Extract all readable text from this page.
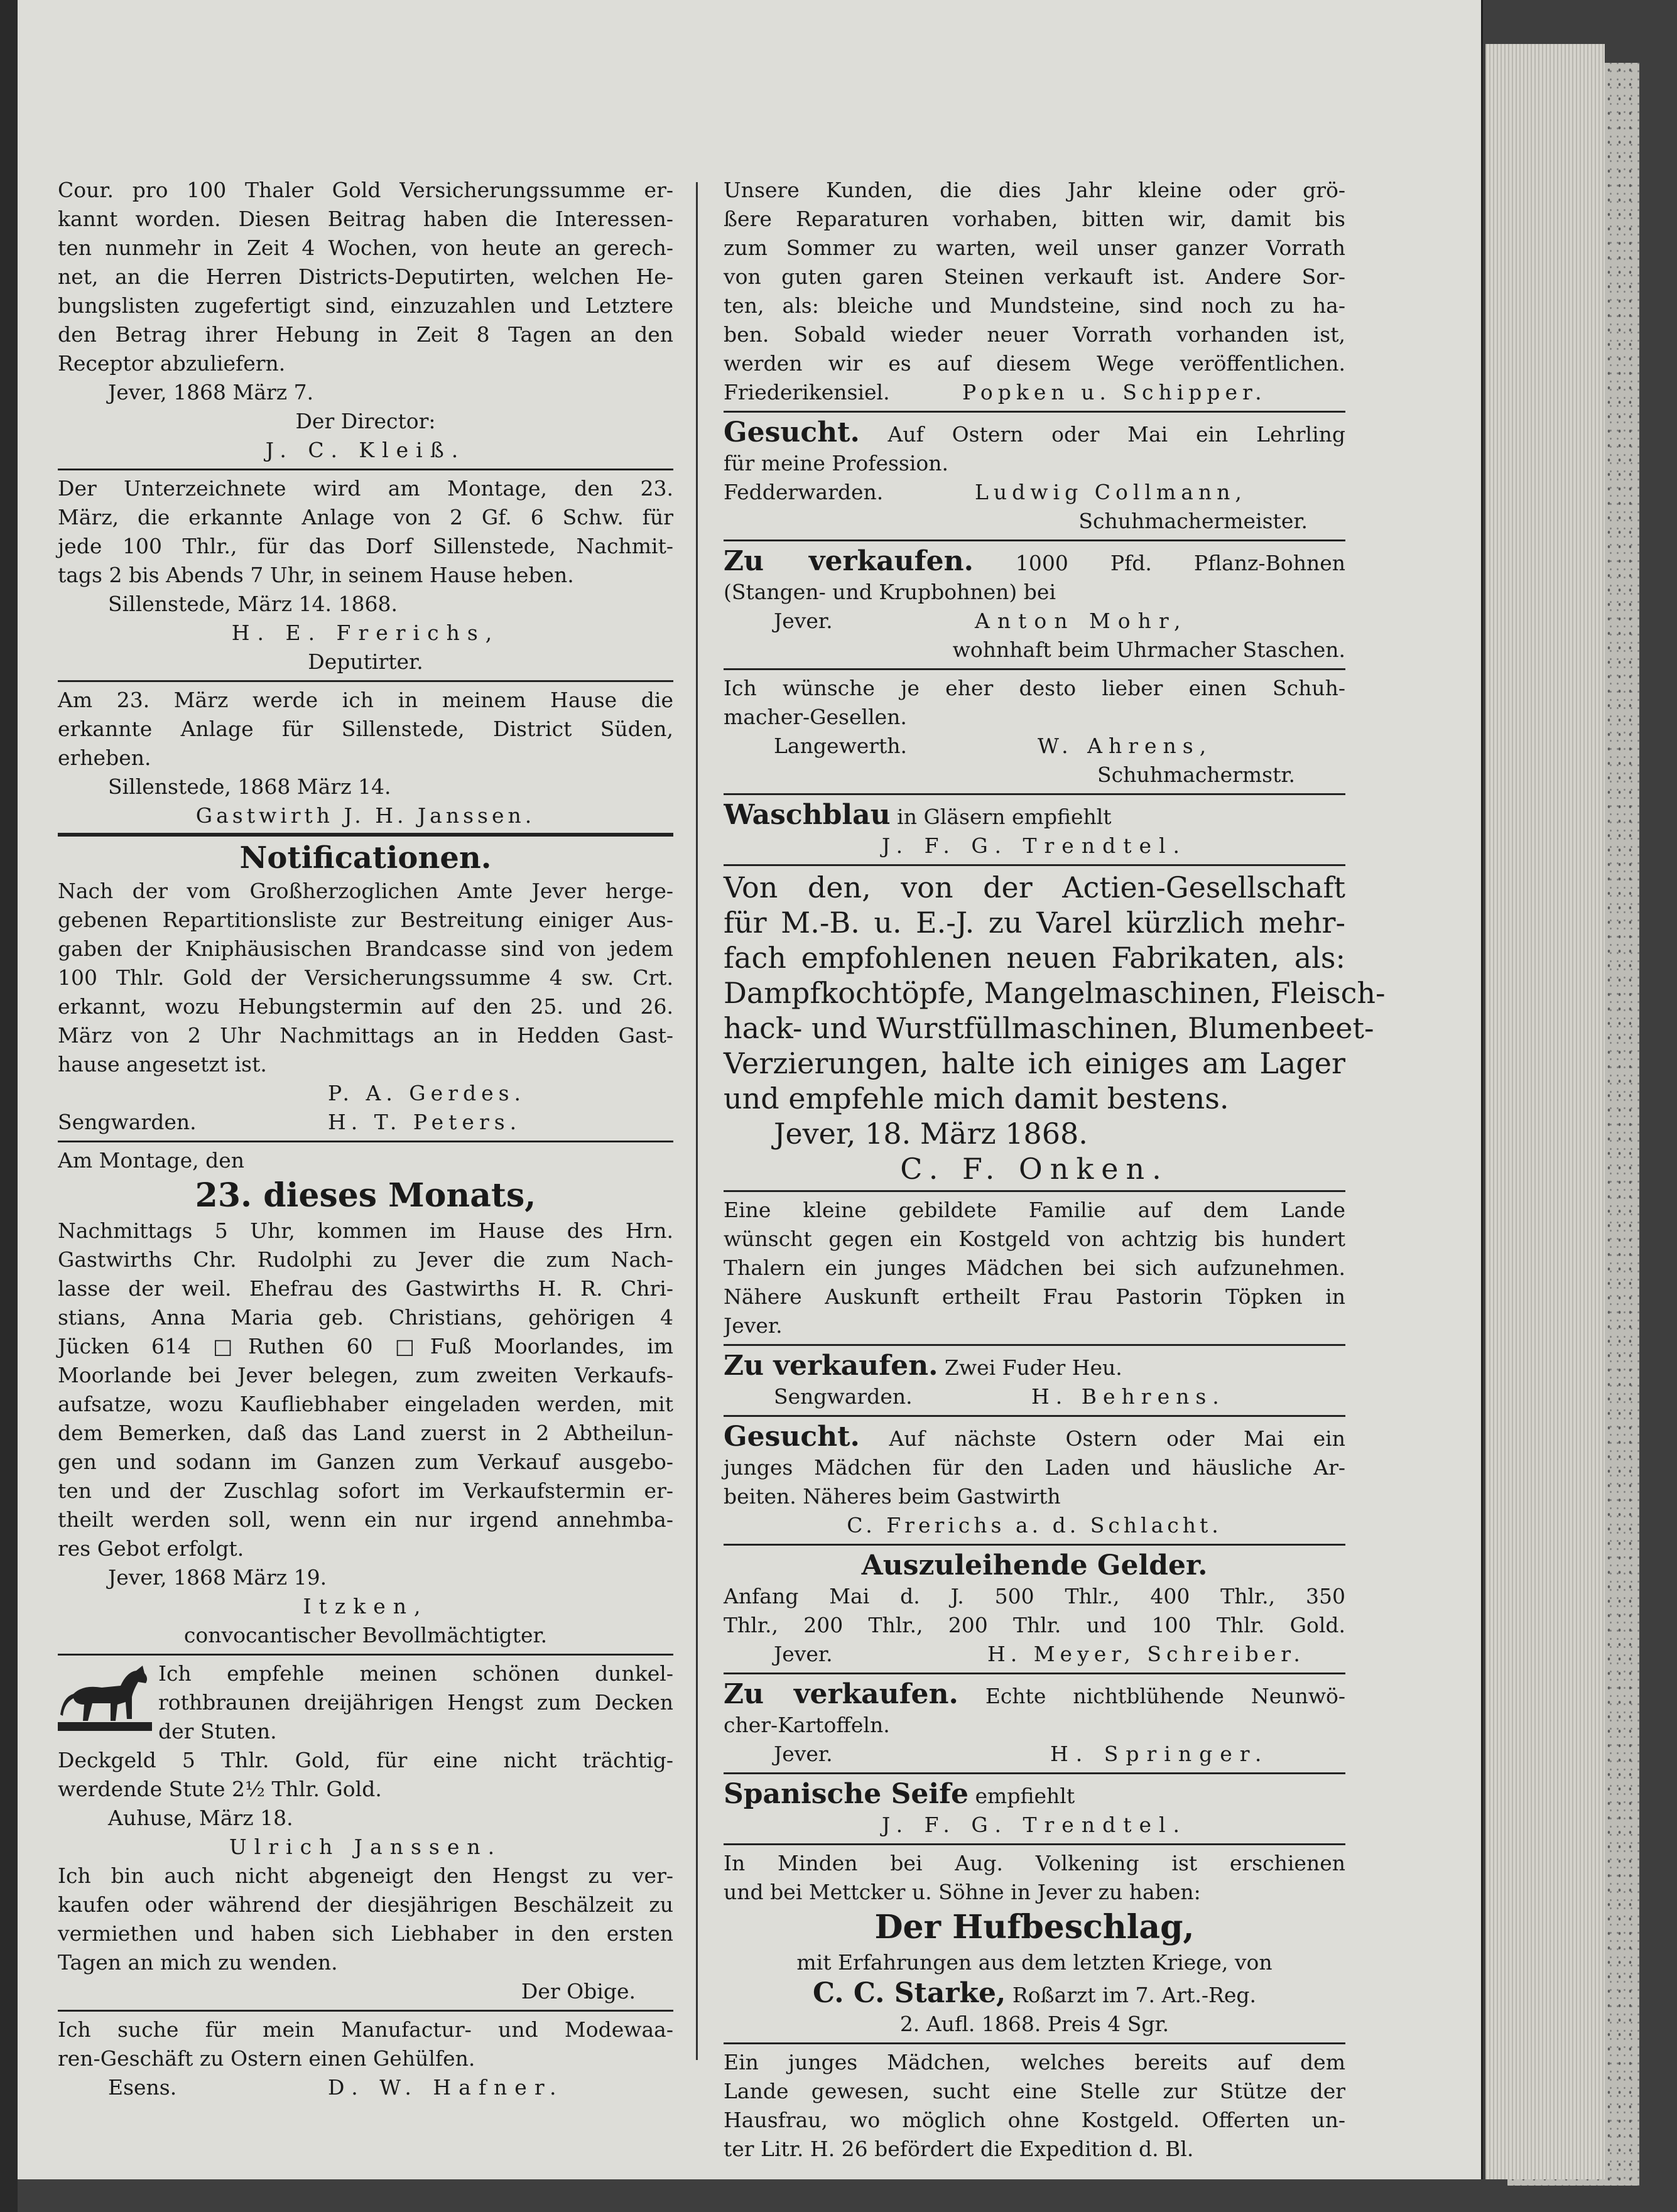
Cour. pro 100 Thaler Gold Versicherungssumme er-
kannt worden. Diesen Beitrag haben die Interessen-
ten nunmehr in Zeit 4 Wochen, von heute an gerech-
net, an die Herren Districts-Deputirten, welchen He-
bungslisten zugefertigt sind, einzuzahlen und Letztere
den Betrag ihrer Hebung in Zeit 8 Tagen an den
Receptor abzuliefern.
Jever, 1868 März 7.
Der Director:
J. C. Kleiß.
Der Unterzeichnete wird am Montage, den 23.
März, die erkannte Anlage von 2 Gf. 6 Schw. für
jede 100 Thlr., für das Dorf Sillenstede, Nachmit-
tags 2 bis Abends 7 Uhr, in seinem Hause heben.
Sillenstede, März 14. 1868.
H. E. Frerichs,
Deputirter.
Am 23. März werde ich in meinem Hause die
erkannte Anlage für Sillenstede, District Süden,
erheben.
Sillenstede, 1868 März 14.
Gastwirth J. H. Janssen.
Notificationen.
Nach der vom Großherzoglichen Amte Jever herge-
gebenen Repartitionsliste zur Bestreitung einiger Aus-
gaben der Kniphäusischen Brandcasse sind von jedem
100 Thlr. Gold der Versicherungssumme 4 sw. Crt.
erkannt, wozu Hebungstermin auf den 25. und 26.
März von 2 Uhr Nachmittags an in Hedden Gast-
hause angesetzt ist.
P. A. Gerdes.
Sengwarden.	H. T. Peters.
Am Montage, den
23. dieses Monats,
Nachmittags 5 Uhr, kommen im Hause des Hrn.
Gastwirths Chr. Rudolphi zu Jever die zum Nach-
lasse der weil. Ehefrau des Gastwirths H. R. Chri-
stians, Anna Maria geb. Christians, gehörigen 4
Jücken 614 □Ruthen 60 □Fuß Moorlandes, im
Moorlande bei Jever belegen, zum zweiten Verkaufs-
aufsatze, wozu Kaufliebhaber eingeladen werden, mit
dem Bemerken, daß das Land zuerst in 2 Abtheilun-
gen und sodann im Ganzen zum Verkauf ausgebo-
ten und der Zuschlag sofort im Verkaufstermin er-
theilt werden soll, wenn ein nur irgend annehmba-
res Gebot erfolgt.
Jever, 1868 März 19.
Itzken,
convocantischer Bevollmächtigter.
Ich empfehle meinen schönen dunkel-
rothbraunen dreijährigen Hengst zum Decken
der Stuten.
Deckgeld 5 Thlr. Gold, für eine nicht trächtig-
werdende Stute 2½ Thlr. Gold.
Auhuse, März 18.
Ulrich Janssen.
Ich bin auch nicht abgeneigt den Hengst zu ver-
kaufen oder während der diesjährigen Beschälzeit zu
vermiethen und haben sich Liebhaber in den ersten
Tagen an mich zu wenden.
Der Obige.
Ich suche für mein Manufactur- und Modewaa-
ren-Geschäft zu Ostern einen Gehülfen.
Esens.	D. W. Hafner.
Unsere Kunden, die dies Jahr kleine oder grö-
ßere Reparaturen vorhaben, bitten wir, damit bis
zum Sommer zu warten, weil unser ganzer Vorrath
von guten garen Steinen verkauft ist. Andere Sor-
ten, als: bleiche und Mundsteine, sind noch zu ha-
ben. Sobald wieder neuer Vorrath vorhanden ist,
werden wir es auf diesem Wege veröffentlichen.
Friederikensiel.	Popken u. Schipper.
Gesucht. Auf Ostern oder Mai ein Lehrling
für meine Profession.
Fedderwarden.	Ludwig Collmann,
Schuhmachermeister.
Zu verkaufen. 1000 Pfd. Pflanz-Bohnen
(Stangen- und Krupbohnen) bei
Jever.	Anton Mohr,
wohnhaft beim Uhrmacher Staschen.
Ich wünsche je eher desto lieber einen Schuh-
macher-Gesellen.
Langewerth.	W. Ahrens,
Schuhmachermstr.
Waschblau in Gläsern empfiehlt
J. F. G. Trendtel.
Von den, von der Actien-Gesellschaft
für M.-B. u. E.-J. zu Varel kürzlich mehr-
fach empfohlenen neuen Fabrikaten, als:
Dampfkochtöpfe, Mangelmaschinen, Fleisch-
hack- und Wurstfüllmaschinen, Blumenbeet-
Verzierungen, halte ich einiges am Lager
und empfehle mich damit bestens.
Jever, 18. März 1868.
C. F. Onken.
Eine kleine gebildete Familie auf dem Lande
wünscht gegen ein Kostgeld von achtzig bis hundert
Thalern ein junges Mädchen bei sich aufzunehmen.
Nähere Auskunft ertheilt Frau Pastorin Töpken in
Jever.
Zu verkaufen. Zwei Fuder Heu.
Sengwarden.	H. Behrens.
Gesucht. Auf nächste Ostern oder Mai ein
junges Mädchen für den Laden und häusliche Ar-
beiten. Näheres beim Gastwirth
C. Frerichs a. d. Schlacht.
Auszuleihende Gelder.
Anfang Mai d. J. 500 Thlr., 400 Thlr., 350
Thlr., 200 Thlr., 200 Thlr. und 100 Thlr. Gold.
Jever.	H. Meyer, Schreiber.
Zu verkaufen. Echte nichtblühende Neunwö-
cher-Kartoffeln.
Jever.	H. Springer.
Spanische Seife empfiehlt
J. F. G. Trendtel.
In Minden bei Aug. Volkening ist erschienen
und bei Mettcker u. Söhne in Jever zu haben:
Der Hufbeschlag,
mit Erfahrungen aus dem letzten Kriege, von
C. C. Starke, Roßarzt im 7. Art.-Reg.
2. Aufl. 1868. Preis 4 Sgr.
Ein junges Mädchen, welches bereits auf dem
Lande gewesen, sucht eine Stelle zur Stütze der
Hausfrau, wo möglich ohne Kostgeld. Offerten un-
ter Litr. H. 26 befördert die Expedition d. Bl.
